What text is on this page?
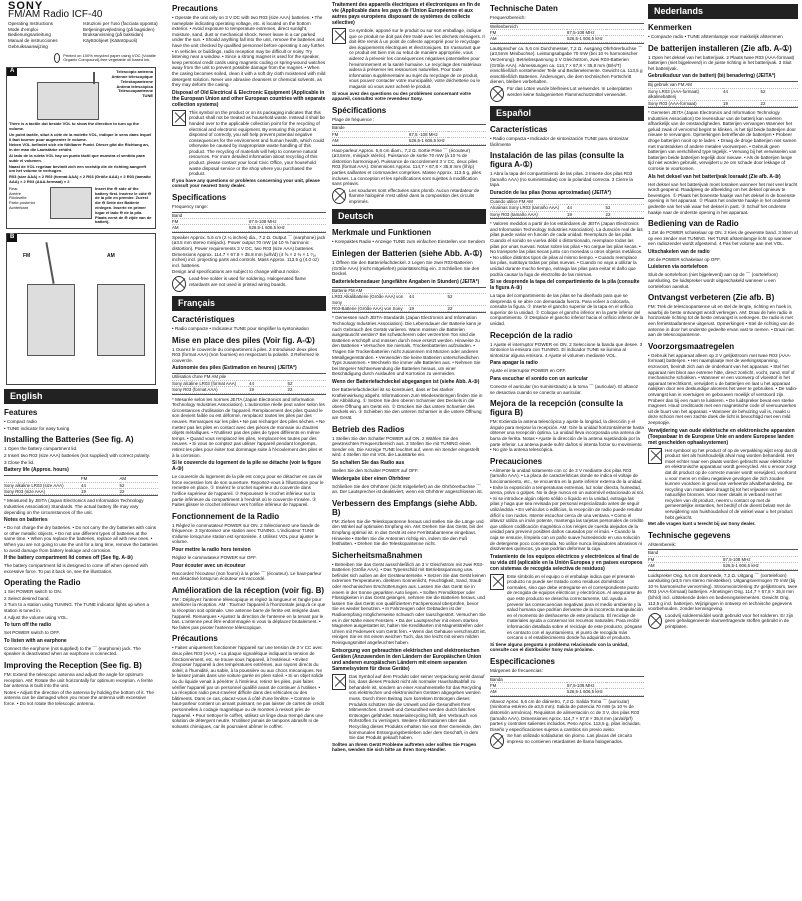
SONY
FM/AM Radio ICF-40
Operating Instructions	Istruzioni per l'uso (facciata opposta)
Mode d'emploi	Betjeningsvejledning (på bagsiden)
Bedienungsanleitung	Bruksanvisning (på baksidan)
Manual de instrucciones	Käyttöohjeet (Kääntöpuoli)
Gebruiksaanwijzing
Printed on 100% recycled paper using VOC (Volatile Organic Compound)-free vegetable oil based ink.
A	Telescopic antenna
Antenne télescopique
Teleskopantenne
Antena telescópica
Telescoopantenne
TUNE

There is a tactile dot beside VOL to show the direction to turn up the volume.

Un point tactile, situé à côté de la molette VOL, indique le sens dans lequel il faut tourner pour augmenter le volume.

Neben VOL befindet sich ein fühlbarer Punkt. Dieser gibt die Richtung an, in der man die Lautstärke erhöht.

Al lado de la ruleta VOL hay un punto táctil que muestra el sentido para subir el volumen.

Naast de VOL regelaar bevindt zich een voelstip die de richting aangeeft om het volume te verhogen.

R03 (size AAA) × 2 R03 (format AAA) × 2 R03 (Größe AAA) × 2 R03 (tamaño AAA) × 2 R03 (AAA-formaat) × 2

Rear
Arrière
Rückseite
Parte posterior
Achterkant
Insert the ⊖ side of the battery first. Insérez le côté ⊖ de la pile en premier. Zuerst die ⊖ Seite der Batterie einlegen. Inserte en primer lugar el lado ⊖ de la pila. Plaats eerst de ⊖ zijde van de batterij.
B
FM	AM
English
Features

• Compact radio

• TUNE indicator for easy tuning

Installing the Batteries (See fig. A)

1 Open the battery compartment lid.

2 Insert two R03 (size AAA) batteries (not supplied) with correct polarity.

3 Close the lid.

Battery life (Approx. hours)
FM	AM
Sony alkaline LR03 (size AAA)	44	52
Sony R03 (size AAA)	19	22

* Measured by JEITA (Japan Electronics and Information Technology Industries Association) Standards. The actual battery life may vary depending on the circumstances of the unit.

Notes on batteries

• Do not charge the dry batteries. • Do not carry the dry batteries with coins or other metallic objects. • Do not use different types of batteries at the same time. • When you replace the batteries, replace all with new ones. • When you are not going to use the unit for a long time, remove the batteries to avoid damage from battery leakage and corrosion.

If the battery compartment lid comes off (See fig. A-③)

The battery compartment lid is designed to come off when opened with excessive force. To put it back on, see the illustration.

Operating the Radio

1 Set POWER switch to ON.

2 Select desired band.

3 Turn to a station using TUNING. The TUNE indicator lights up when a station is tuned in.

4 Adjust the volume using VOL.

To turn off the radio

Set POWER switch to OFF.

To listen with an earphone

Connect the earphone (not supplied) to the ⌒ (earphone) jack. The speaker is deactivated when an earphone is connected.

Improving the Reception (See fig. B)

FM: Extend the telescopic antenna and adjust the angle for optimum reception. AM: Rotate the unit horizontally for optimum reception. A ferrite bar antenna is built into the unit.

Notes • Adjust the direction of the antenna by holding the bottom of it. The antenna can be damaged when you move the antenna with excessive force. • Do not rotate the telescopic antenna.

Precautions

• Operate the unit only on 3 V DC with two R03 (size AAA) batteries. • The nameplate indicating operating voltage, etc. is located on the bottom exterior. • Avoid exposure to temperature extremes, direct sunlight, moisture, sand, dust or mechanical shock. Never leave in a car parked under the sun. • Should anything fall into the unit, remove the batteries and have the unit checked by qualified personnel before operating it any further. • In vehicles or buildings, radio reception may be difficult or noisy. Try listening near a window. • Since a strong magnet is used for the speaker, keep personal credit cards using magnetic coding or spring-wound watches away from the unit to prevent possible damage from the magnet. • When the casing becomes soiled, clean it with a soft dry cloth moistened with mild detergent solution. Never use abrasive cleansers or chemical solvents, as they may deform the casing.

Disposal of Old Electrical & Electronic Equipment (Applicable in the European Union and other European countries with separate collection systems)

This symbol on the product or on its packaging indicates that this product shall not be treated as household waste. Instead it shall be handed over to the applicable collection point for the recycling of electrical and electronic equipment. By ensuring this product is disposed of correctly, you will help prevent potential negative consequences for the environment and human health, which could otherwise be caused by inappropriate waste handling of this product. The recycling of materials will help to conserve natural resources. For more detailed information about recycling of this product, please contact your local Civic Office, your household waste disposal service or the shop where you purchased the product.

If you have any questions or problems concerning your unit, please consult your nearest Sony dealer.

Specifications

Frequency range:

Band
FM	87.5-108 MHz
AM	526.5-1 606.5 kHz

Speaker Approx. 5.6 cm (2 ¼ inches) dia., 7.2 Ω. Output ⌒ (earphone) jack (ø3.5 mm stereo minijack). Power output 70 mW (at 10 % harmonic distortion). Power requirements 3 V DC, two R03 (size AAA) batteries. Dimensions Approx. 114.7 × 67.8 × 35.8 mm (w/h/d) (4 ⅝ × 2 ¾ × 1 ⁷⁄₁₆ inches) incl. projecting parts and controls. Mass Approx. 113.5 g (4.0 oz) incl. batteries.

Design and specifications are subject to change without notice.

Lead-free solder is used for soldering. Halogenated flame retardants are not used in printed wiring boards.

Français
Caractéristiques

• Radio compacte • Indicateur TUNE pour simplifier la syntonisation

Mise en place des piles (Voir fig. A-①)

1 Ouvrez le couvercle du compartiment à piles. 2 Introduisez deux piles R03 (format AAA) (non fournies) en respectant la polarité. 3 Refermez le couvercle.

Autonomie des piles (Estimation en heures) (JEITA*)
Utilisation d'une FM AM pile
Sony alcaline LR03 (format AAA)	44	52
Sony R03 (format AAA)	19	22

* Mesurée selon les normes JEITA (Japan Electronics and Information Technology Industries Association). L'autonomie réelle peut varier selon les circonstances d'utilisation de l'appareil. Remplacement des piles Quand le son devient faible ou est déformé, remplacez toutes les piles par des neuves. Remarques sur les piles • Ne pas recharger des piles sèches. • Ne mettez pas les piles en contact avec des pièces de monnaie ou d'autres objets métalliques. • N'utilisez pas des piles de types différents en même temps. • Quand vous remplacez les piles, remplacez-les toutes par des neuves. • Si vous ne comptez pas utiliser l'appareil pendant longtemps, retirez les piles pour éviter tout dommage suite à l'écoulement des piles et à la corrosion.

Si le couvercle du logement de la pile se détache (voir la figure A-③)

Le couvercle du logement de la pile est conçu pour se détacher en cas de force excessive lors de son ouverture. Reportez-vous à l'illustration pour le remettre en place. ① Insérez le crochet supérieur du couvercle dans l'orifice supérieur de l'appareil. ② Repoussez le crochet inférieur sur la partie inférieure du compartiment à l'endroit où le couvercle s'insère. ③ Faites glisser le crochet inférieur vers l'orifice inférieur de l'appareil.

Fonctionnement de la Radio

1 Réglez le commutateur POWER sur ON. 2 Sélectionnez une bande de fréquence. 3 Syntonisez une station avec TUNING. L'indicateur TUNE s'allume lorsqu'une station est syntonisée. 4 Utilisez VOL pour ajuster le volume.

Pour mettre la radio hors tension

Réglez le commutateur POWER sur OFF.

Pour écouter avec un écouteur

Raccordez l'écouteur (non fourni) à la prise ⌒ (écouteur). Le haut-parleur est désactivé lorsqu'un écouteur est raccordé.

Amélioration de la réception (voir fig. B)

FM : Déployez l'antenne télescopique et réglez la longueur et l'angle pour améliorer la réception. AM : Tournez l'appareil à l'horizontale jusqu'à ce que la réception soit optimale. Une antenne barre de ferrite est intégrée dans l'appareil. Remarques • Ajustez la direction de l'antenne en la tenant par le bas. L'antenne peut être endommagée si vous la déplacez brutalement. • Ne faites pas pivoter l'antenne télescopique.

Précautions

• Faites uniquement fonctionner l'appareil sur une tension de 3 V CC avec deux piles R03 (AAA). • La plaque signalétique indiquant la tension de fonctionnement, etc. se trouve sous l'appareil, à l'extérieur. • Evitez d'exposer l'appareil à des températures extrêmes, aux rayons directs du soleil, à l'humidité, au sable, à la poussière ou aux chocs mécaniques. Ne le laissez jamais dans une voiture garée en plein soleil. • Si un objet solide ou du liquide venait à pénétrer à l'intérieur, retirez les piles, puis faites vérifier l'appareil par un personnel qualifié avant de continuer à l'utiliser. • La réception radio peut s'avérer difficile dans des véhicules ou des bâtiments. Dans ce cas, placez-vous à côté d'une fenêtre. • Comme le haut-parleur contient un aimant puissant, ne pas laisser de cartes de crédit personnelles à codage magnétique ou de montres à ressort près de l'appareil. • Pour nettoyer le coffret, utilisez un linge doux trempé dans une solution de détergent neutre. N'utilisez jamais de tampons abrasifs ni de solvants chimiques, car ils pourraient abîmer le coffret.

Traitement des appareils électriques et électroniques en fin de vie (Applicable dans les pays de l'Union Européenne et aux autres pays européens disposant de systèmes de collecte sélective)

Ce symbole, apposé sur le produit ou sur son emballage, indique que ce produit ne doit pas être traité avec les déchets ménagers. Il doit être remis à un point de collecte approprié pour le recyclage des équipements électriques et électroniques. En s'assurant que ce produit est bien mis au rebut de manière appropriée, vous aiderez à prévenir les conséquences négatives potentielles pour l'environnement et la santé humaine. Le recyclage des matériaux aidera à préserver les ressources naturelles. Pour toute information supplémentaire au sujet du recyclage de ce produit, vous pouvez contacter votre municipalité, votre déchetterie ou le magasin où vous avez acheté le produit.

Si vous avez des questions ou des problèmes concernant votre appareil, consultez votre revendeur Sony.

Spécifications

Plage de fréquence :

Bande
FM	87,5 -108 MHz
AM	526,5-1 606,5 kHz

Haut-parleur Approx. 5,6 cm diam., 7,2 Ω. Sortie Prise ⌒ (écouteur) (ø3,5mm, minijack stéréo). Puissance de sortie 70 mW (à 10 % de distorsion harmonique). Puissance de raccordement 3 V CC, deux piles R03 (format AAA). Dimensions Approx. 114,7 × 67,8 × 35,8 mm (l/h/p) parties saillantes et commandes comprises. Masse Approx. 113,5 g, piles incluses. La conception et les spécifications sont sujettes à modification sans préavis.

Les soudures sont effectuées sans plomb. Aucun retardateur de flamme halogéné n'est utilisé dans la composition des circuits imprimés.

Deutsch
Merkmale und Funktionen

• Kompaktes Radio • Anzeige TUNE zum einfachen Einstellen von Sendern

Einlegen der Batterien (siehe Abb. A-①)

1 Öffnen Sie den Batteriefachdeckel. 2 Legen Sie zwei R03-Batterien (Größe AAA) (nicht mitgeliefert) polaritätsrichtig ein. 3 Schließen Sie den Deckel.

Batterielebensdauer (ungefähre Angaben in Stunden) (JEITA*)
Batterie FM AM
LR03 Alkalibatterie (Größe AAA) von Sony
44	52
R03-Batterie (Größe AAA) von Sony	19	22

* Gemessen nach JEITA-Standards (Japan Electronics and Information Technology Industries Association). Die Lebensdauer der Batterie kann je nach Gebrauch des Geräts variieren. Wann müssen die Batterien ausgetauscht werden? Bei schwächerem oder verzerrtem Ton sind die Batterien erschöpft und müssen durch neue ersetzt werden. Hinweise zu den Batterien • Versuchen Sie niemals, Trockenbatterien aufzuladen. • Tragen Sie Trockenbatterien nicht zusammen mit Münzen oder anderen Metallgegenständen. • Verwenden Sie keine Batterien unterschiedlichen Typs zusammen. • Wechseln Sie immer alle Batterien aus. • Nehmen Sie bei längerer Nichtverwendung die Batterien heraus, um einer Beschädigung durch Auslaufen und Korrosion zu vermeiden.

Wenn der Batteriefachdeckel abgegangen ist (siehe Abb. A-③)

Der Batteriefachdeckel ist so konstruiert, dass er bei starker Krafteinwirkung abgeht. Informationen zum Wiederanbringen finden Sie in der Abbildung. ① Setzen Sie den oberen Scharnier des Deckels in die obere Öffnung am Gerät ein. ② Drücken Sie das untere Scharnier des Deckels ein. ③ Schieben Sie den unteren Scharnier in die untere Öffnung am Gerät.

Betrieb des Radios

1 Stellen Sie den Schalter POWER auf ON. 2 Wählen Sie den gewünschten Frequenzbereich aus. 3 Stellen Sie mit TUNING einen Sender ein. Die Anzeige TUNE leuchtet auf, wenn ein Sender eingestellt wird. 4 Stellen Sie mit VOL die Lautstärke ein.

So schalten Sie das Radio aus

Stellen Sie den Schalter POWER auf OFF.

Wiedergabe über einen Ohrhörer

Schließen Sie den Ohrhörer (nicht mitgeliefert) an die Ohrhörerbuchse ⌒ an. Der Lautsprecher ist deaktiviert, wenn ein Ohrhörer angeschlossen ist.

Verbessern des Empfangs (siehe Abb. B)

FM: Ziehen Sie die Teleskopantenne heraus und stellen Sie die Länge und den Winkel auf optimalen Empfang ein. AM: Drehen Sie das Gerät, bis der Empfang optimal ist. In das Gerät ist eine Ferritstabantenne eingebaut. Hinweise • Stellen Sie die Antennen richtig ein, indem Sie den Fuß festhalten. • Drehen Sie die Teleskopantenne nicht.

Sicherheitsmaßnahmen

• Betreiben Sie das Gerät ausschließlich an 3 V Gleichstrom mit zwei R03-Batterien (Größe AAA). • Das Typenschild mit Betriebsspannung usw. befindet sich außen an der Geräteunterseite. • Setzen Sie das Gerät keinen extremen Temperaturen, direktem Sonnenlicht, Feuchtigkeit, Sand, Staub oder mechanischen Erschütterungen aus. Lassen Sie das Gerät nie in einem in der Sonne geparkten Auto liegen. • Sollten Fremdkörper oder Flüssigkeiten in das Gerät gelangen, nehmen Sie die Batterien heraus, und lassen Sie das Gerät von qualifiziertem Fachpersonal überprüfen, bevor Sie es wieder benutzen. • In Fahrzeugen oder Gebäuden ist der Radioempfang möglicherweise schwach oder rauschgestört. Versuchen Sie es in der Nähe eines Fensters. • Da der Lautsprecher mit einem starken Magneten ausgestattet ist, halten Sie Kreditkarten mit Magnetstreifen oder Uhren mit Federwerk vom Gerät fern. • Wenn das Gehäuse verschmutzt ist, reinigen Sie es mit einem weichen Tuch, das Sie leicht mit einem milden Reinigungsmittel angefeuchtet haben.

Entsorgung von gebrauchten elektrischen und elektronischen Geräten (Anzuwenden in den Ländern der Europäischen Union und anderen europäischen Ländern mit einem separaten Sammelsystem für diese Geräte)

Das Symbol auf dem Produkt oder seiner Verpackung weist darauf hin, dass dieses Produkt nicht als normaler Haushaltsabfall zu behandeln ist, sondern an einer Annahmestelle für das Recycling von elektrischen und elektronischen Geräten abgegeben werden muss. Durch Ihren Beitrag zum korrekten Entsorgen dieses Produkts schützen Sie die Umwelt und die Gesundheit Ihrer Mitmenschen. Umwelt und Gesundheit werden durch falsches Entsorgen gefährdet. Materialrecycling hilft, den Verbrauch von Rohstoffen zu verringern. Weitere Informationen über das Recycling dieses Produkts erhalten Sie von Ihrer Gemeinde, den kommunalen Entsorgungsbetrieben oder dem Geschäft, in dem Sie das Produkt gekauft haben.

Sollten an Ihrem Gerät Probleme auftreten oder sollten Sie Fragen haben, wenden Sie sich bitte an Ihren Sony-Händler.

Technische Daten

Frequenzbereich:

Wellenbereich
FM	87,5-108 MHz
AM	526,5-1 606,5 kHz

Lautsprecher ca. 5,6 cm Durchmesser, 7,2 Ω. Ausgang Ohrhörerbuchse ⌒ (ø3,5mm Minibuchse). Leistungsabgabe 70 mW (bei 10 % harmonischer Verzerrung). Betriebsspannung 3 V Gleichstrom, zwei R03-Batterien (Größe AAA). Abmessungen ca. 114,7 × 67,8 × 35,8 mm (B/H/T) einschließlich vorstehender Teile und Bedienelemente. Gewicht ca. 113,5 g einschließlich Batterien. Änderungen, die dem technischen Fortschritt dienen, bleiben vorbehalten.

Für das Löten wurde bleifreies Lot verwendet. In Leiterplatten werden keine halogenierten Flammschutzmittel verwendet.

Español
Características

• Radio compacta • Indicador de sintonización TUNE para sintonizar fácilmente

Instalación de las pilas (consulte la figura A-①)

1 Abra la tapa del compartimiento de las pilas. 2 Inserte dos pilas R03 (tamaño AAA) (no suministradas) con la polaridad correcta. 3 Cierre la tapa.

Duración de las pilas (horas aproximadas) (JEITA*)
Cuando utilice FM AM
Alcalinas Sony LR03 (tamaño AAA)	44	52
Sony R03 (tamaño AAA)	19	22

* Valores medidos a partir de los estándares de JEITA (Japan Electronics and Information Technology Industries Association). La duración real de las pilas puede variar en función de cada unidad. Reemplazo de las pilas Cuando el sonido se vuelva débil o distorsionado, reemplace todas las pilas por unas nuevas. Notas sobre las pilas • No cargue las pilas secas. • No transporte las pilas secas junto con monedas u otros objetos metálicos. • No utilice distintos tipos de pilas al mismo tiempo. • Cuando reemplace las pilas, sustituya todas por pilas nuevas. • Cuando no vaya a utilizar la unidad durante mucho tiempo, extraiga las pilas para evitar el daño que podría causar la fuga de electrolito de las mismas.

Si se desprende la tapa del compartimiento de la pila (consulte la figura A-③)

La tapa del compartimiento de las pilas se ha diseñado para que se desprenda si se abre con demasiada fuerza. Para volver a colocarla, consulte la figura. ① Inserte el gancho superior de la tapa en el orificio superior de la unidad. ② Coloque el gancho inferior en la parte inferior del compartimiento. ③ Desplace el gancho inferior hacia el orificio inferior de la unidad.

Recepción de la radio

1 Ajuste el interruptor POWER en ON. 2 Seleccione la banda que desee. 3 Sintonice la emisora con TUNING. El indicador TUNE se ilumina al sintonizar alguna emisora. 4 Ajuste el volumen mediante VOL.

Para apagar la radio

Ajuste el interruptor POWER en OFF.

Para escuchar el sonido con un auricular

Conecte el auricular (no suministrado) a la toma ⌒ (auricular). El altavoz se desactiva cuando se conecta un auricular.

Mejora de la recepción (consulte la figura B)

FM: Extienda la antena telescópica y ajuste la longitud, la dirección y el ángulo para mejorar la recepción. AM: Gire la unidad horizontalmente hasta obtener una recepción óptima. La unidad lleva incorporada una antena de barra de ferrita. Notas • Ajuste la dirección de la antena sujetándola por la parte inferior. La antena puede sufrir daños si intenta forzar su movimiento. • No gire la antena telescópica.

Precauciones

• Alimente la unidad solamente con cc de 3 V mediante dos pilas R03 (tamaño AAA). • La placa de características donde se indica el voltaje de funcionamiento, etc., se encuentra en la parte inferior externa de la unidad. • Evite la exposición a temperaturas extremas, luz solar directa, humedad, arena, polvo o golpes. No la deje nunca en un automóvil estacionado al sol. • Si se introduce algún objeto sólido o líquido en la unidad, extraiga las pilas y haga que sea revisada por personal especializado antes de seguir utilizándola. • En vehículos o edificios, la recepción de radio puede resultar difícil o con ruidos. Intente escuchar cerca de una ventana. • Como el altavoz utiliza un imán potente, mantenga las tarjetas personales de crédito que utilicen codificación magnética o los relojes de cuerda alejados de la unidad para prevenir posibles daños causados por el imán. • Cuando la caja se ensucie, límpiela con un paño suave humedecido en una solución de detergente poco concentrada. No utilice nunca limpiadores abrasivos ni disolventes químicos, ya que podrían deformar la caja.

Tratamiento de los equipos eléctricos y electrónicos al final de su vida útil (aplicable en la Unión Europea y en países europeos con sistemas de recogida selectiva de residuos)

Este símbolo en el equipo o el embalaje indica que el presente producto no puede ser tratado como residuos domésticos normales, sino que debe entregarse en el correspondiente punto de recogida de equipos eléctricos y electrónicos. Al asegurarse de que este producto se desecha correctamente, Ud. ayuda a prevenir las consecuencias negativas para el medio ambiente y la salud humana que podrían derivarse de la incorrecta manipulación en el momento de deshacerse de este producto. El reciclaje de materiales ayuda a conservar los recursos naturales. Para recibir información detallada sobre el reciclaje de este producto, póngase en contacto con el ayuntamiento, el punto de recogida más cercano o el establecimiento donde ha adquirido el producto.

Si tiene alguna pregunta o problema relacionado con la unidad, consulte con el distribuidor Sony más próximo.

Especificaciones

Márgenes de frecuencias:

Banda
FM	87,5-108 MHz
AM	526,5-1 606,5 kHz

Altavoz Aprox. 5,6 cm de diámetro, 7,2 Ω. Salida Toma ⌒ (auricular) (minitoma estéreo de ø3,5 mm). Salida de potencia 70 mW (a 10 % de distorsión armónica). Requisitos de alimentación cc de 3 V, dos pilas R03 (tamaño AAA). Dimensiones Aprox. 114,7 × 67,8 × 35,8 mm (an/al/prf) partes y controles salientes incluidos. Peso Aprox. 113,5 g, pilas incluidas. Diseño y especificaciones sujetos a cambios sin previo aviso.

Se han utilizado soldaduras sin plomo. Las placas del circuito impreso no contienen retardantes de llama halogenados.

Nederlands
Kenmerken

• Compacte radio • TUNE afstemlampje voor makkelijk afstemmen

De batterijen installeren (Zie afb. A-①)

1 Open het deksel van het batterijvak. 2 Plaats twee R03 (AAA-formaat) batterijen (niet bijgeleverd) in de juiste richting in het batterijvak. 3 Sluit het batterijvak.

Gebruiksduur van de batterij (bij benadering) (JEITA*)
Bij gebruik van FM AM
Sony LR03 (AAA-formaat) alkalinebatterij
44	52
Sony R03 (AAA-formaat)	19	22

* Gemeten JEITA (Japan Electronics and Information Technology Industries Association) De levensduur van de batterij kan variëren afhankelijk van de omstandigheden. Batterijen vervangen Wanneer het geluid zwak of vervormd begint te klinken, is het tijd beide batterijen door nieuwe te vervangen. Opmerkingen betreffende de batterijen • Probeer droge batterijen nooit op te laden. • Draag de droge batterijen niet samen met muntstukken of andere metalen voorwerpen. • Gebruik geen batterijen van verschillend type tegelijk. • Vervang bij het verwisselen van batterijen beide batterijen tegelijk door nieuwe. • Als de batterijen lange tijd niet worden gebruikt, verwijdert u ze om schade door lekkage of corrosie te voorkomen.

Als het deksel van het batterijvak losraakt (Zie afb. A-③)

Het deksel van het batterijvak moet losraken wanneer het met veel kracht wordt geopend. Raadpleeg de afbeelding om het deksel opnieuw te bevestigen. ① Plaats het bovenste haakje van het deksel in de bovenste opening in het apparaat. ② Plaats het onderste haakje in het onderste gedeelte van het vak waar het deksel in past. ③ Schuif het onderste haakje naar de onderste opening in het apparaat.

Bediening van de Radio

1 Zet de POWER schakelaar op ON. 2 Kies de gewenste band. 3 Stem af op een zender met TUNING. Het TUNE afstemlampje licht op wanneer een radiozender wordt afgestemd. 4 Pas het volume aan met VOL.

Uitschakelen van de radio

Zet de POWER schakelaar op OFF.

Luisteren via oortelefoon

Sluit de oortelefoon (niet bijgeleverd) aan op de ⌒ (oortelefoon) aansluiting. De luidspreker wordt uitgeschakeld wanneer u een oortelefoon aansluit.

Ontvangst verbeteren (Zie afb. B)

FM: Trek de telescoopantenne uit en stel de lengte, richting en hoek in, waarbij de beste ontvangst wordt verkregen. AM: Draai de hele radio in horizontale richting tot de beste ontvangst is verkregen. De radio is met een ferrietstaafantenne uitgerust. Opmerkingen • Stel de richting van de antenne in door het onderste gedeelte ervan vast te nemen. • Draai niet aan de telescoopantenne.

Voorzorgsmaatregelen

• Gebruik het apparaat alleen op 3 V gelijkstroom met twee R03 (AAA-formaat) batterijen. • Het naamplaatje met de werkingsspanning, enzovoort, bevindt zich aan de onderkant van het apparaat. • Stel het apparaat niet bloot aan extreme hitte, direct zonlicht, vocht, zand, stof of mechanische schokken. • Wanneer er een voorwerp of vloeistof in het apparaat terechtkomt, verwijdert u de batterijen en laat u het apparaat nakijken door een deskundige alvorens het weer te gebruiken. • De radio-ontvangst kan in voertuigen en gebouwen moeilijk of verstoord zijn. Probeer dan bij een raam te luisteren. • De luidspreker bevat een sterke magneet. Houd creditcards met een magnetische code of veeruurwerken uit de buurt van het apparaat. • Wanneer de behuizing vuil is, maakt u deze schoon met een zachte doek die licht is bevochtigd met een mild zeepsopje.

Verwijdering van oude elektrische en elektronische apparaten (Toepasbaar in de Europese Unie en andere Europese landen met gescheiden ophaalsystemen)

Het symbool op het product of op de verpakking wijst erop dat dit product niet als huishoudelijk afval mag worden behandeld. Het moet echter naar een plaats worden gebracht waar elektrische en elektronische apparatuur wordt gerecycled. Als u ervoor zorgt dat dit product op de correcte manier wordt verwijderd, voorkomt u voor mens en milieu negatieve gevolgen die zich zouden kunnen voordoen in geval van verkeerde afvalbehandeling. De recycling van materialen draagt bij tot het vrijwaren van natuurlijke bronnen. Voor meer details in verband met het recyclen van dit product, neemt u contact op met de gemeentelijke instanties, het bedrijf of de dienst belast met de verwijdering van huishoudafval of de winkel waar u het product hebt gekocht.

Met alle vragen kunt u terecht bij uw Sony dealer.

Technische gegevens

Afstembereik:

Band
FM	87,5-108 MHz
AM	526,5-1 606,5 kHz

Luidspreker Ong. 5,6 cm doorsnede, 7,2 Ω. Uitgang ⌒ (oortelefoon) aansluiting (ø3,5 mm stereo ministekker). Uitgangsvermogen 70 mW (bij 10 % harmonische vervorming). Stroomvoorziening 3V gelijkstroom, twee R03 (AAA-formaat) batterijen. Afmetingen Ong. 114,7 × 67,8 × 35,8 mm (b/h/d) incl. uitstekende delen en bedieningselementen. Gewicht Ong. 113,5 g incl. batterijen. Wijzigingen in ontwerp en technische gegevens voorbehouden, zonder kennisgeving.

Loodvrij soldeermiddel wordt gebruikt voor het solderen. Er zijn geen gehalogeneerde vlamvertragende stoffen gebruikt in de printplaten.
